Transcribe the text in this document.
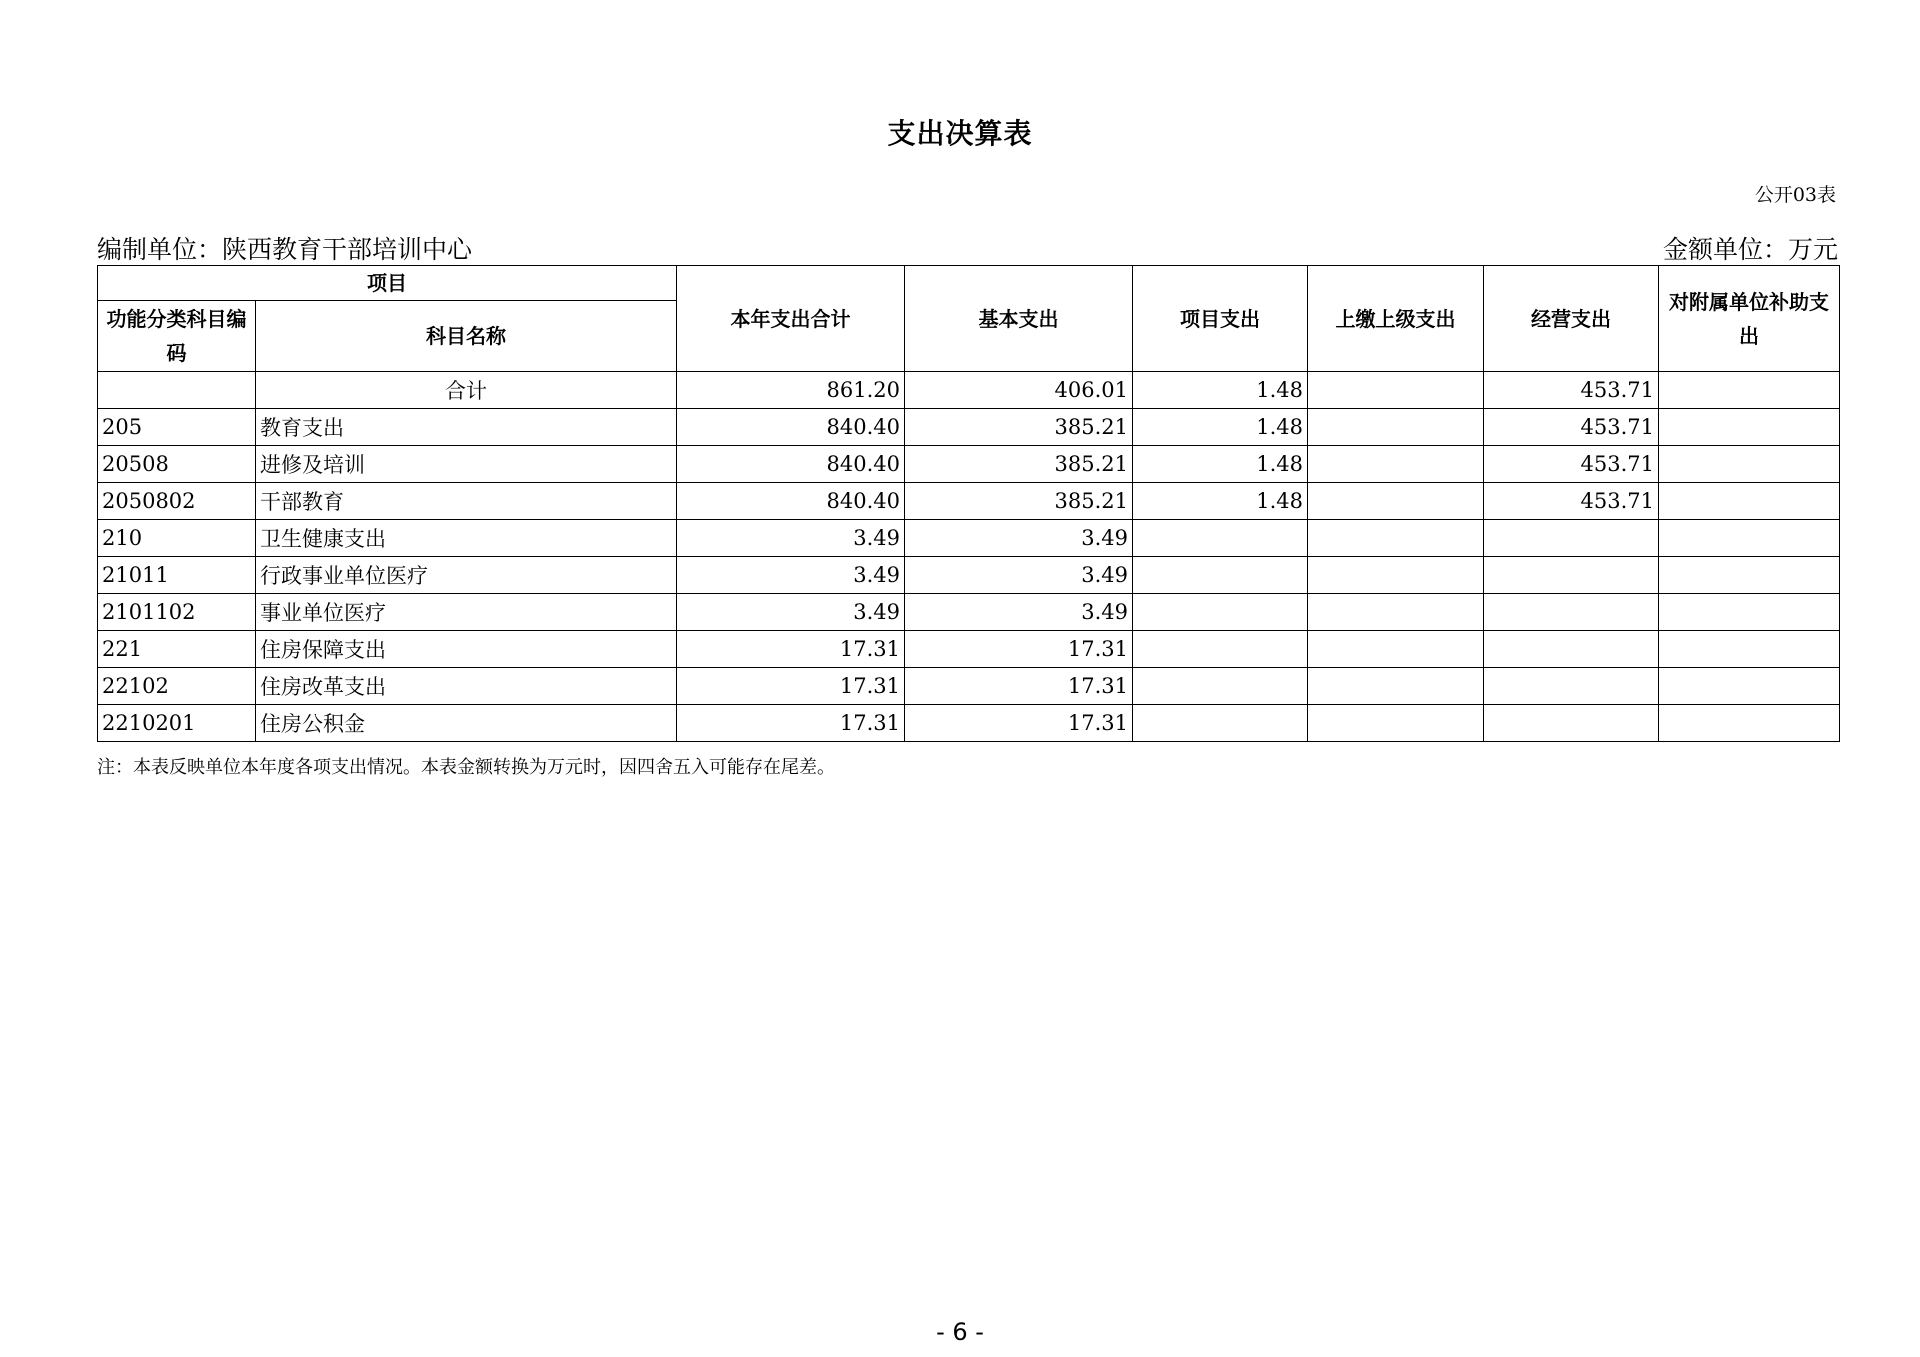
支出决算表
公开03表
编制单位：陕西教育干部培训中心	金额单位：万元
项目		本年支出合计	基本支出	项目支出	上缴上级支出	经营支出	对附属单位补助支出
功能分类科目编码	科目名称						
	合计	861.20	406.01	1.48		453.71	
205	教育支出	840.40	385.21	1.48		453.71	
20508	进修及培训	840.40	385.21	1.48		453.71	
2050802	干部教育	840.40	385.21	1.48		453.71	
210	卫生健康支出	3.49	3.49				
21011	行政事业单位医疗	3.49	3.49				
2101102	事业单位医疗	3.49	3.49				
221	住房保障支出	17.31	17.31				
22102	住房改革支出	17.31	17.31				
2210201	住房公积金	17.31	17.31				
注：本表反映单位本年度各项支出情况。本表金额转换为万元时，因四舍五入可能存在尾差。
- 6 -
